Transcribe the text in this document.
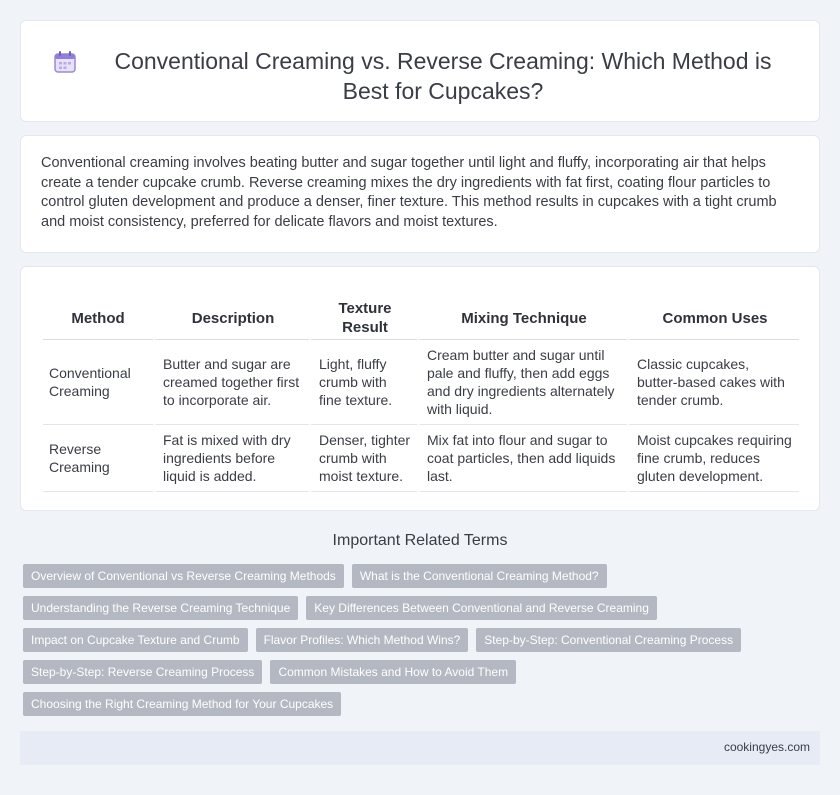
Conventional Creaming vs. Reverse Creaming: Which Method is Best for Cupcakes?

Conventional creaming involves beating butter and sugar together until light and fluffy, incorporating air that helps create a tender cupcake crumb. Reverse creaming mixes the dry ingredients with fat first, coating flour particles to control gluten development and produce a denser, finer texture. This method results in cupcakes with a tight crumb and moist consistency, preferred for delicate flavors and moist textures.

Method	Description	Texture Result	Mixing Technique	Common Uses
Conventional Creaming	Butter and sugar are creamed together first to incorporate air.	Light, fluffy crumb with fine texture.	Cream butter and sugar until pale and fluffy, then add eggs and dry ingredients alternately with liquid.	Classic cupcakes, butter-based cakes with tender crumb.
Reverse Creaming	Fat is mixed with dry ingredients before liquid is added.	Denser, tighter crumb with moist texture.	Mix fat into flour and sugar to coat particles, then add liquids last.	Moist cupcakes requiring fine crumb, reduces gluten development.
Important Related Terms
Overview of Conventional vs Reverse Creaming Methods	What is the Conventional Creaming Method?
Understanding the Reverse Creaming Technique	Key Differences Between Conventional and Reverse Creaming
Impact on Cupcake Texture and Crumb	Flavor Profiles: Which Method Wins?	Step-by-Step: Conventional Creaming Process
Step-by-Step: Reverse Creaming Process	Common Mistakes and How to Avoid Them
Choosing the Right Creaming Method for Your Cupcakes
cookingyes.com
